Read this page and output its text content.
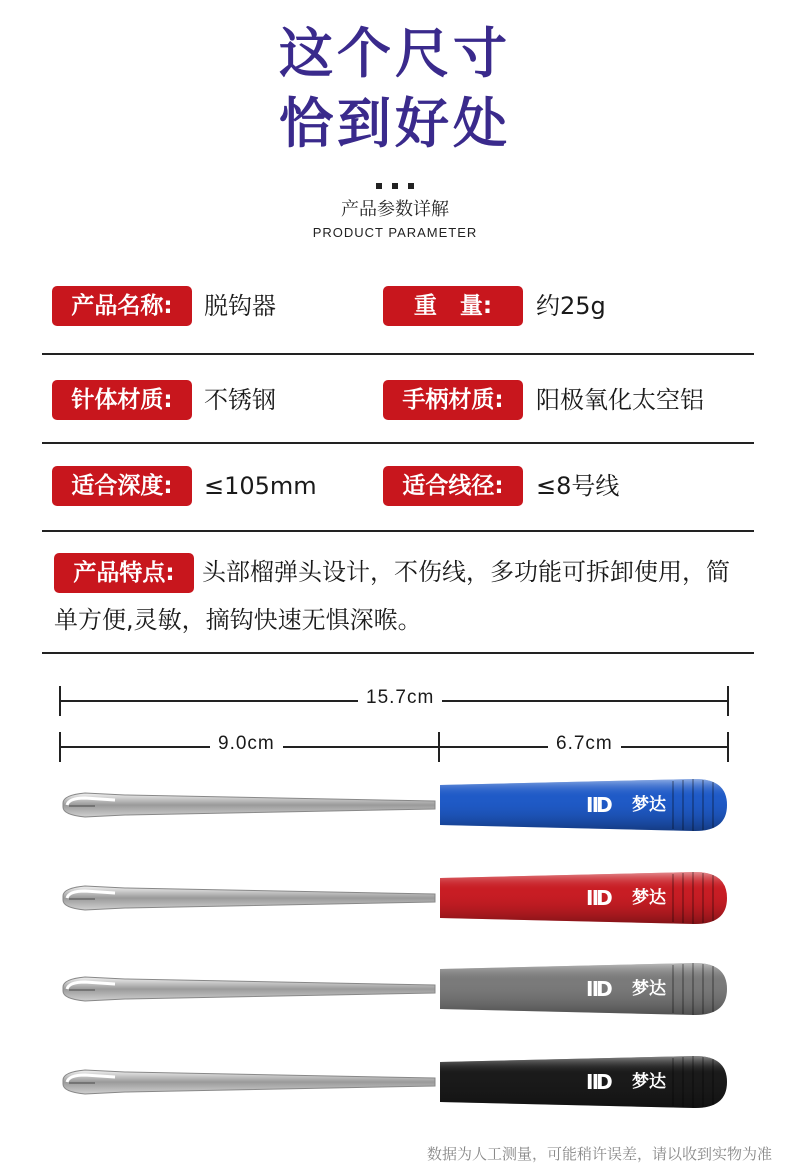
这个尺寸
恰到好处
产品参数详解
PRODUCT PARAMETER
产品名称:	脱钩器	重　量:	约25g
针体材质:	不锈钢	手柄材质:	阳极氧化太空铝
适合深度:	≤105mm	适合线径:	≤8号线
产品特点: 头部榴弹头设计，不伤线，多功能可拆卸使用，简单方便,灵敏，摘钩快速无惧深喉。
15.7cm
9.0cm	6.7cm
ⅡD	梦达
ⅡD	梦达
ⅡD	梦达
ⅡD	梦达
数据为人工测量，可能稍许误差，请以收到实物为准
